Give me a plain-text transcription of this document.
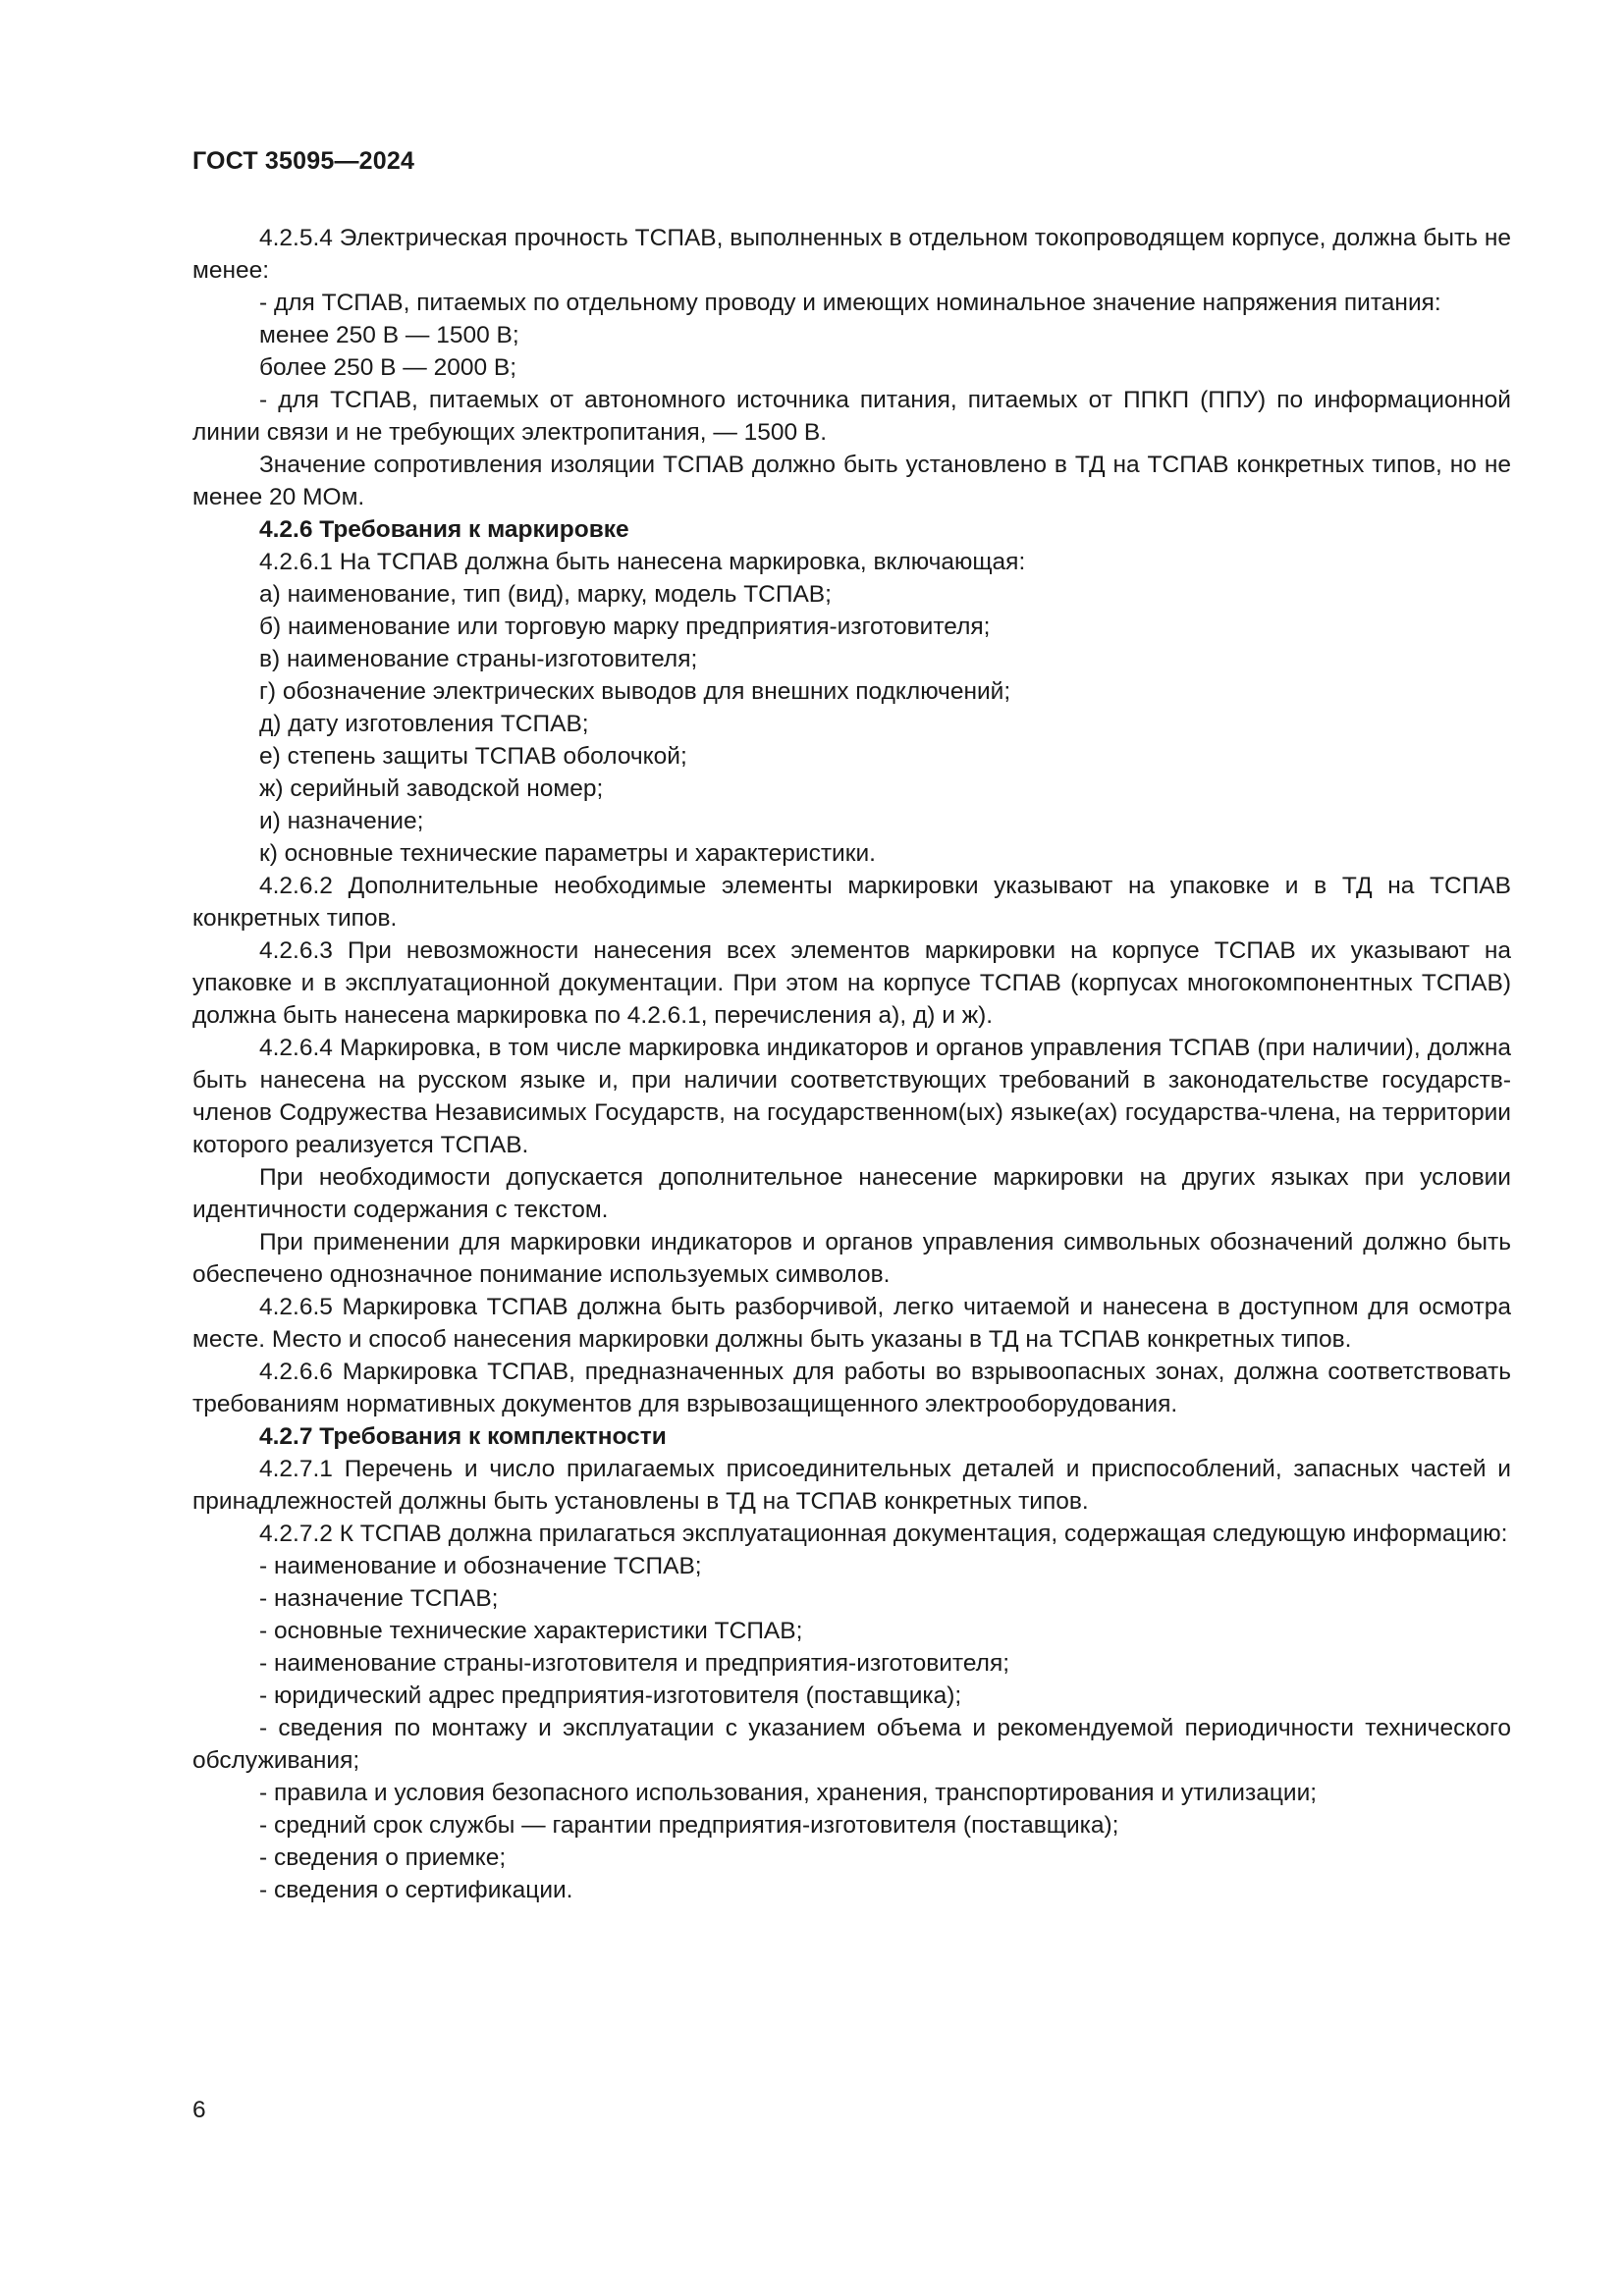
ГОСТ 35095—2024

4.2.5.4 Электрическая прочность ТСПАВ, выполненных в отдельном токопроводящем корпусе, должна быть не менее:

- для ТСПАВ, питаемых по отдельному проводу и имеющих номинальное значение напряжения питания:

менее 250 В — 1500 В;

более 250 В — 2000 В;

- для ТСПАВ, питаемых от автономного источника питания, питаемых от ППКП (ППУ) по информационной линии связи и не требующих электропитания, — 1500 В.

Значение сопротивления изоляции ТСПАВ должно быть установлено в ТД на ТСПАВ конкретных типов, но не менее 20 МОм.

4.2.6 Требования к маркировке

4.2.6.1 На ТСПАВ должна быть нанесена маркировка, включающая:

а) наименование, тип (вид), марку, модель ТСПАВ;

б) наименование или торговую марку предприятия-изготовителя;

в) наименование страны-изготовителя;

г) обозначение электрических выводов для внешних подключений;

д) дату изготовления ТСПАВ;

е) степень защиты ТСПАВ оболочкой;

ж) серийный заводской номер;

и) назначение;

к) основные технические параметры и характеристики.

4.2.6.2 Дополнительные необходимые элементы маркировки указывают на упаковке и в ТД на ТСПАВ конкретных типов.

4.2.6.3 При невозможности нанесения всех элементов маркировки на корпусе ТСПАВ их указывают на упаковке и в эксплуатационной документации. При этом на корпусе ТСПАВ (корпусах многокомпонентных ТСПАВ) должна быть нанесена маркировка по 4.2.6.1, перечисления а), д) и ж).

4.2.6.4 Маркировка, в том числе маркировка индикаторов и органов управления ТСПАВ (при наличии), должна быть нанесена на русском языке и, при наличии соответствующих требований в законодательстве государств-членов Содружества Независимых Государств, на государственном(ых) языке(ах) государства-члена, на территории которого реализуется ТСПАВ.

При необходимости допускается дополнительное нанесение маркировки на других языках при условии идентичности содержания с текстом.

При применении для маркировки индикаторов и органов управления символьных обозначений должно быть обеспечено однозначное понимание используемых символов.

4.2.6.5 Маркировка ТСПАВ должна быть разборчивой, легко читаемой и нанесена в доступном для осмотра месте. Место и способ нанесения маркировки должны быть указаны в ТД на ТСПАВ конкретных типов.

4.2.6.6 Маркировка ТСПАВ, предназначенных для работы во взрывоопасных зонах, должна соответствовать требованиям нормативных документов для взрывозащищенного электрооборудования.

4.2.7 Требования к комплектности

4.2.7.1 Перечень и число прилагаемых присоединительных деталей и приспособлений, запасных частей и принадлежностей должны быть установлены в ТД на ТСПАВ конкретных типов.

4.2.7.2 К ТСПАВ должна прилагаться эксплуатационная документация, содержащая следующую информацию:

- наименование и обозначение ТСПАВ;

- назначение ТСПАВ;

- основные технические характеристики ТСПАВ;

- наименование страны-изготовителя и предприятия-изготовителя;

- юридический адрес предприятия-изготовителя (поставщика);

- сведения по монтажу и эксплуатации с указанием объема и рекомендуемой периодичности технического обслуживания;

- правила и условия безопасного использования, хранения, транспортирования и утилизации;

- средний срок службы — гарантии предприятия-изготовителя (поставщика);

- сведения о приемке;

- сведения о сертификации.

6
